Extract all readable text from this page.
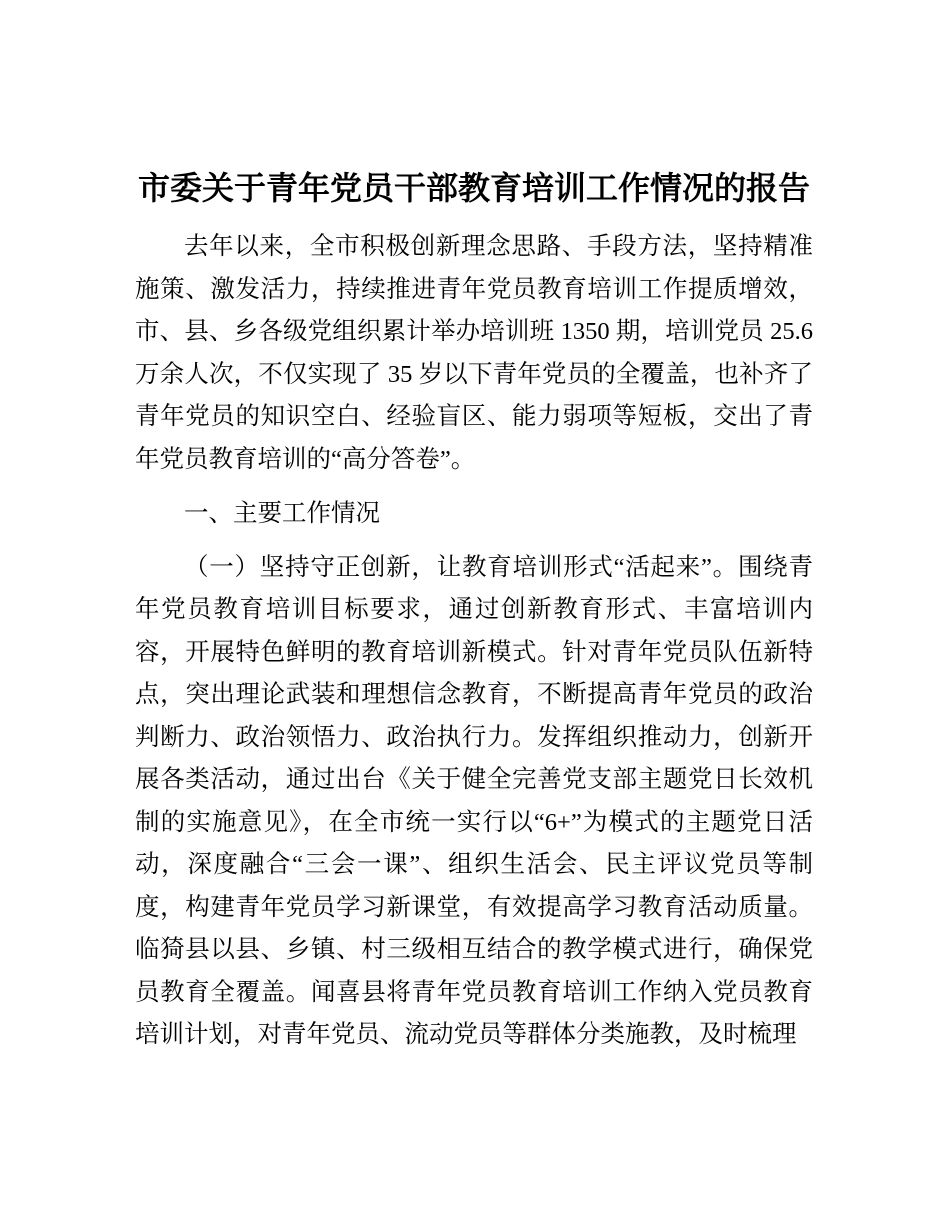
市委关于青年党员干部教育培训工作情况的报告

去年以来，全市积极创新理念思路、手段方法，坚持精准施策、激发活力，持续推进青年党员教育培训工作提质增效，市、县、乡各级党组织累计举办培训班 1350 期，培训党员 25.6 万余人次，不仅实现了 35 岁以下青年党员的全覆盖，也补齐了青年党员的知识空白、经验盲区、能力弱项等短板，交出了青年党员教育培训的“高分答卷”。

一、主要工作情况

（一）坚持守正创新，让教育培训形式“活起来”。围绕青年党员教育培训目标要求，通过创新教育形式、丰富培训内容，开展特色鲜明的教育培训新模式。针对青年党员队伍新特点，突出理论武装和理想信念教育，不断提高青年党员的政治判断力、政治领悟力、政治执行力。发挥组织推动力，创新开展各类活动，通过出台《关于健全完善党支部主题党日长效机制的实施意见》，在全市统一实行以“6+”为模式的主题党日活动，深度融合“三会一课”、组织生活会、民主评议党员等制度，构建青年党员学习新课堂，有效提高学习教育活动质量。临猗县以县、乡镇、村三级相互结合的教学模式进行，确保党员教育全覆盖。闻喜县将青年党员教育培训工作纳入党员教育培训计划，对青年党员、流动党员等群体分类施教，及时梳理
